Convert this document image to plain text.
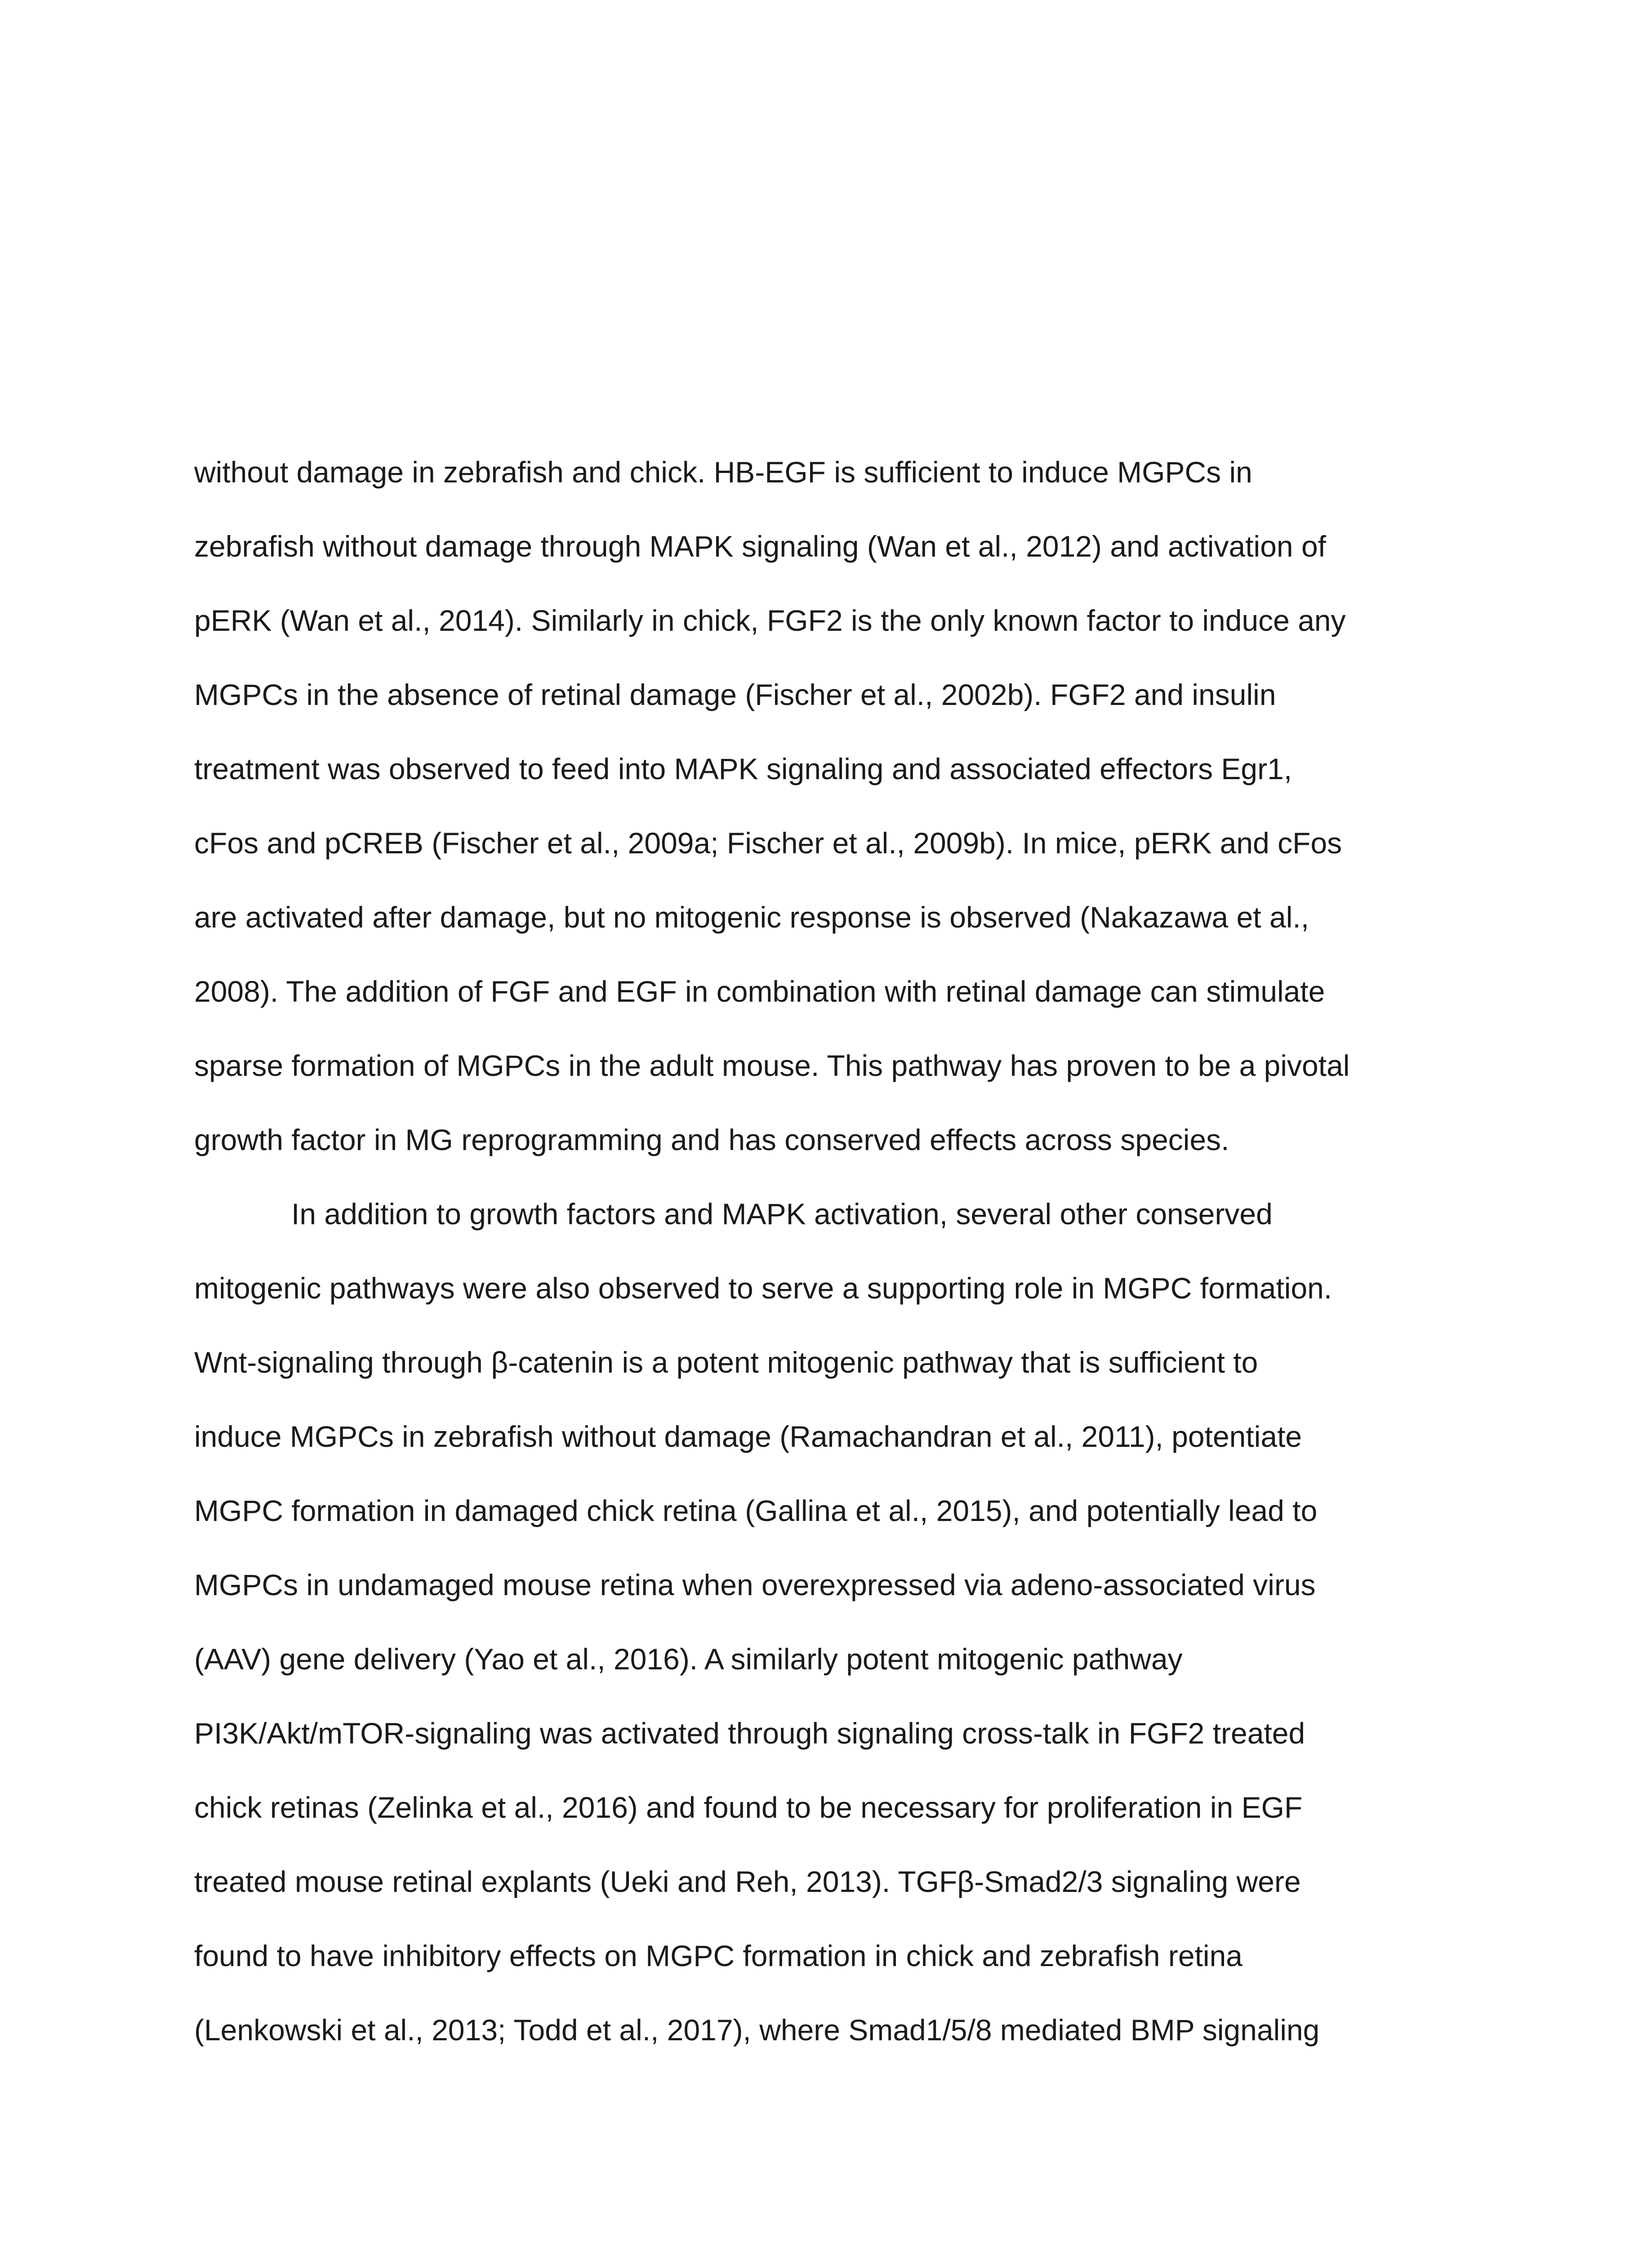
without damage in zebrafish and chick. HB-EGF is sufficient to induce MGPCs in
zebrafish without damage through MAPK signaling (Wan et al., 2012) and activation of
pERK (Wan et al., 2014). Similarly in chick, FGF2 is the only known factor to induce any
MGPCs in the absence of retinal damage (Fischer et al., 2002b). FGF2 and insulin
treatment was observed to feed into MAPK signaling and associated effectors Egr1,
cFos and pCREB (Fischer et al., 2009a; Fischer et al., 2009b). In mice, pERK and cFos
are activated after damage, but no mitogenic response is observed (Nakazawa et al.,
2008). The addition of FGF and EGF in combination with retinal damage can stimulate
sparse formation of MGPCs in the adult mouse. This pathway has proven to be a pivotal
growth factor in MG reprogramming and has conserved effects across species.
In addition to growth factors and MAPK activation, several other conserved
mitogenic pathways were also observed to serve a supporting role in MGPC formation.
Wnt-signaling through β-catenin is a potent mitogenic pathway that is sufficient to
induce MGPCs in zebrafish without damage (Ramachandran et al., 2011), potentiate
MGPC formation in damaged chick retina (Gallina et al., 2015), and potentially lead to
MGPCs in undamaged mouse retina when overexpressed via adeno-associated virus
(AAV) gene delivery (Yao et al., 2016). A similarly potent mitogenic pathway
PI3K/Akt/mTOR-signaling was activated through signaling cross-talk in FGF2 treated
chick retinas (Zelinka et al., 2016) and found to be necessary for proliferation in EGF
treated mouse retinal explants (Ueki and Reh, 2013). TGFβ-Smad2/3 signaling were
found to have inhibitory effects on MGPC formation in chick and zebrafish retina
(Lenkowski et al., 2013; Todd et al., 2017), where Smad1/5/8 mediated BMP signaling
